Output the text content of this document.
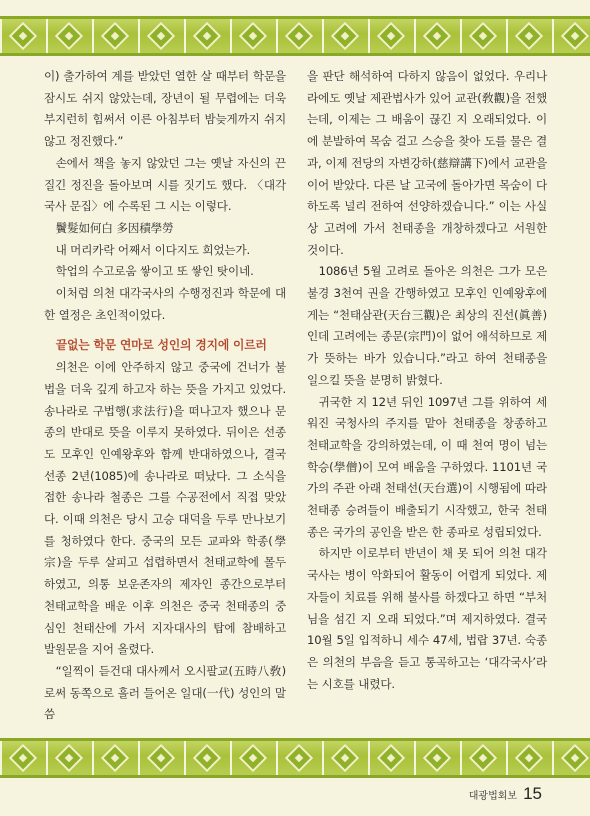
이) 출가하여 계를 받았던 열한 살 때부터 학문을 잠시도 쉬지 않았는데, 장년이 될 무렵에는 더욱 부지런히 힘써서 이른 아침부터 밤늦게까지 쉬지 않고 정진했다.”

손에서 책을 놓지 않았던 그는 옛날 자신의 끈질긴 정진을 돌아보며 시를 짓기도 했다. 〈대각국사 문집〉에 수록된 그 시는 이렇다.

鬢髮如何白 多因積學勞

내 머리카락 어째서 이다지도 희었는가.

학업의 수고로움 쌓이고 또 쌓인 탓이네.

이처럼 의천 대각국사의 수행정진과 학문에 대한 열정은 초인적이었다.

끝없는 학문 연마로 성인의 경지에 이르러

의천은 이에 안주하지 않고 중국에 건너가 불법을 더욱 깊게 하고자 하는 뜻을 가지고 있었다. 송나라로 구법행(求法行)을 떠나고자 했으나 문종의 반대로 뜻을 이루지 못하였다. 뒤이은 선종도 모후인 인예왕후와 함께 반대하였으나, 결국 선종 2년(1085)에 송나라로 떠났다. 그 소식을 접한 송나라 철종은 그를 수공전에서 직접 맞았다. 이때 의천은 당시 고승 대덕을 두루 만나보기를 청하였다 한다. 중국의 모든 교파와 학종(學宗)을 두루 살피고 섭렵하면서 천태교학에 몰두하였고, 의통 보운존자의 제자인 종간으로부터 천태교학을 배운 이후 의천은 중국 천태종의 중심인 천태산에 가서 지자대사의 탑에 참배하고 발원문을 지어 올렸다.

“일찍이 듣건대 대사께서 오시팔교(五時八敎)로써 동쪽으로 흘러 들어온 일대(一代) 성인의 말씀

을 판단 해석하여 다하지 않음이 없었다. 우리나라에도 옛날 제관법사가 있어 교관(敎觀)을 전했는데, 이제는 그 배움이 끊긴 지 오래되었다. 이에 분발하여 목숨 걸고 스승을 찾아 도를 물은 결과, 이제 전당의 자변강하(慈辯講下)에서 교관을 이어 받았다. 다른 날 고국에 돌아가면 목숨이 다하도록 널리 전하여 선양하겠습니다.” 이는 사실상 고려에 가서 천태종을 개창하겠다고 서원한 것이다.

1086년 5월 고려로 돌아온 의천은 그가 모은 불경 3천여 권을 간행하였고 모후인 인예왕후에게는 “천태삼관(天台三觀)은 최상의 진선(眞善)인데 고려에는 종문(宗門)이 없어 애석하므로 제가 뜻하는 바가 있습니다.”라고 하여 천태종을 일으킬 뜻을 분명히 밝혔다.

귀국한 지 12년 뒤인 1097년 그를 위하여 세워진 국청사의 주지를 맡아 천태종을 창종하고 천태교학을 강의하였는데, 이 때 천여 명이 넘는 학승(學僧)이 모여 배움을 구하였다. 1101년 국가의 주관 아래 천태선(天台選)이 시행됨에 따라 천태종 승려들이 배출되기 시작했고, 한국 천태종은 국가의 공인을 받은 한 종파로 성립되었다.

하지만 이로부터 반년이 채 못 되어 의천 대각국사는 병이 악화되어 활동이 어렵게 되었다. 제자들이 치료를 위해 불사를 하겠다고 하면 “부처님을 섬긴 지 오래 되었다.”며 제지하였다. 결국 10월 5일 입적하니 세수 47세, 법랍 37년. 숙종은 의천의 부음을 듣고 통곡하고는 ‘대각국사’라는 시호를 내렸다.

대광법회보 15
